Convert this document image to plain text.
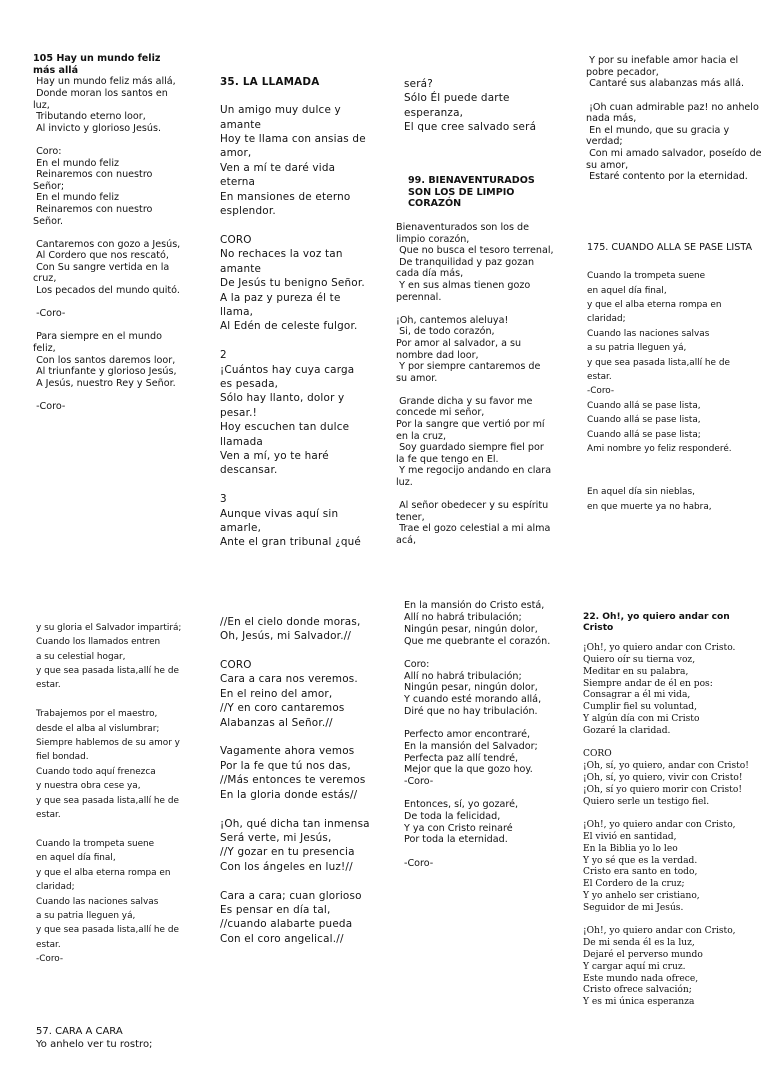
105 Hay un mundo feliz más allá
Hay un mundo feliz más allá,
Donde moran los santos en luz,
Tributando eterno loor,
Al invicto y glorioso Jesús.

Coro:
En el mundo feliz
Reinaremos con nuestro Señor;
En el mundo feliz
Reinaremos con nuestro Señor.

Cantaremos con gozo a Jesús,
Al Cordero que nos rescató,
Con Su sangre vertida en la cruz,
Los pecados del mundo quitó.

-Coro-

Para siempre en el mundo feliz,
Con los santos daremos loor,
Al triunfante y glorioso Jesús,
A Jesús, nuestro Rey y Señor.

-Coro-

35. LA LLAMADA
Un amigo muy dulce y amante
Hoy te llama con ansias de amor,
Ven a mí te daré vida eterna
En mansiones de eterno esplendor.

CORO
No rechaces la voz tan amante
De Jesús tu benigno Señor.
A la paz y pureza él te llama,
Al Edén de celeste fulgor.

2
¡Cuántos hay cuya carga es pesada,
Sólo hay llanto, dolor y pesar.!
Hoy escuchen tan dulce llamada
Ven a mí, yo te haré descansar.

3
Aunque vivas aquí sin amarle,
Ante el gran tribunal ¿qué

será?
Sólo Él puede darte esperanza,
El que cree salvado será

99. BIENAVENTURADOS SON LOS DE LIMPIO CORAZÓN
Bienaventurados son los de limpio corazón,
Que no busca el tesoro terrenal,
De tranquilidad y paz gozan cada día más,
Y en sus almas tienen gozo perennal.

¡Oh, cantemos aleluya!
Si, de todo corazón,
Por amor al salvador, a su nombre dad loor,
Y por siempre cantaremos de su amor.

Grande dicha y su favor me concede mi señor,
Por la sangre que vertió por mí en la cruz,
Soy guardado siempre fiel por la fe que tengo en El.
Y me regocijo andando en clara luz.

Al señor obedecer y su espíritu tener,
Trae el gozo celestial a mi alma acá,

Y por su inefable amor hacia el pobre pecador,
Cantaré sus alabanzas más allá.

¡Oh cuan admirable paz! no anhelo nada más,
En el mundo, que su gracia y verdad;
Con mi amado salvador, poseído de su amor,
Estaré contento por la eternidad.

175. CUANDO ALLA SE PASE LISTA
Cuando la trompeta suene
en aquel día final,
y que el alba eterna rompa en claridad;
Cuando las naciones salvas
a su patria lleguen yá,
y que sea pasada lista,allí he de estar.
-Coro-
Cuando allá se pase lista,
Cuando allá se pase lista,
Cuando allá se pase lista;
Ami nombre yo feliz responderé.

En aquel día sin nieblas,
en que muerte ya no habra,

y su gloria el Salvador impartirá;
Cuando los llamados entren
a su celestial hogar,
y que sea pasada lista,allí he de estar.

Trabajemos por el maestro,
desde el alba al vislumbrar;
Siempre hablemos de su amor y fiel bondad.
Cuando todo aquí frenezca
y nuestra obra cese ya,
y que sea pasada lista,allí he de estar.

Cuando la trompeta suene
en aquel día final,
y que el alba eterna rompa en claridad;
Cuando las naciones salvas
a su patria lleguen yá,
y que sea pasada lista,allí he de estar.
-Coro-

57. CARA A CARA
Yo anhelo ver tu rostro;

//En el cielo donde moras,
Oh, Jesús, mi Salvador.//

CORO
Cara a cara nos veremos.
En el reino del amor,
//Y en coro cantaremos
Alabanzas al Señor.//

Vagamente ahora vemos
Por la fe que tú nos das,
//Más entonces te veremos
En la gloria donde estás//

¡Oh, qué dicha tan inmensa
Será verte, mi Jesús,
//Y gozar en tu presencia
Con los ángeles en luz!//

Cara a cara; cuan glorioso
Es pensar en día tal,
//cuando alabarte pueda
Con el coro angelical.//

En la mansión do Cristo está,
Allí no habrá tribulación;
Ningún pesar, ningún dolor,
Que me quebrante el corazón.

Coro:
Allí no habrá tribulación;
Ningún pesar, ningún dolor,
Y cuando esté morando allá,
Diré que no hay tribulación.

Perfecto amor encontraré,
En la mansión del Salvador;
Perfecta paz allí tendré,
Mejor que la que gozo hoy.
-Coro-

Entonces, sí, yo gozaré,
De toda la felicidad,
Y ya con Cristo reinaré
Por toda la eternidad.

-Coro-

22. Oh!, yo quiero andar con Cristo
¡Oh!, yo quiero andar con Cristo.
Quiero oír su tierna voz,
Meditar en su palabra,
Siempre andar de él en pos:
Consagrar a él mi vida,
Cumplir fiel su voluntad,
Y algún día con mi Cristo
Gozaré la claridad.

CORO
¡Oh, sí, yo quiero, andar con Cristo!
¡Oh, sí, yo quiero, vivir con Cristo!
¡Oh, sí yo quiero morir con Cristo!
Quiero serle un testigo fiel.

¡Oh!, yo quiero andar con Cristo,
El vivió en santidad,
En la Biblia yo lo leo
Y yo sé que es la verdad.
Cristo era santo en todo,
El Cordero de la cruz;
Y yo anhelo ser cristiano,
Seguidor de mi Jesús.

¡Oh!, yo quiero andar con Cristo,
De mi senda él es la luz,
Dejaré el perverso mundo
Y cargar aquí mi cruz.
Este mundo nada ofrece,
Cristo ofrece salvación;
Y es mi única esperanza
